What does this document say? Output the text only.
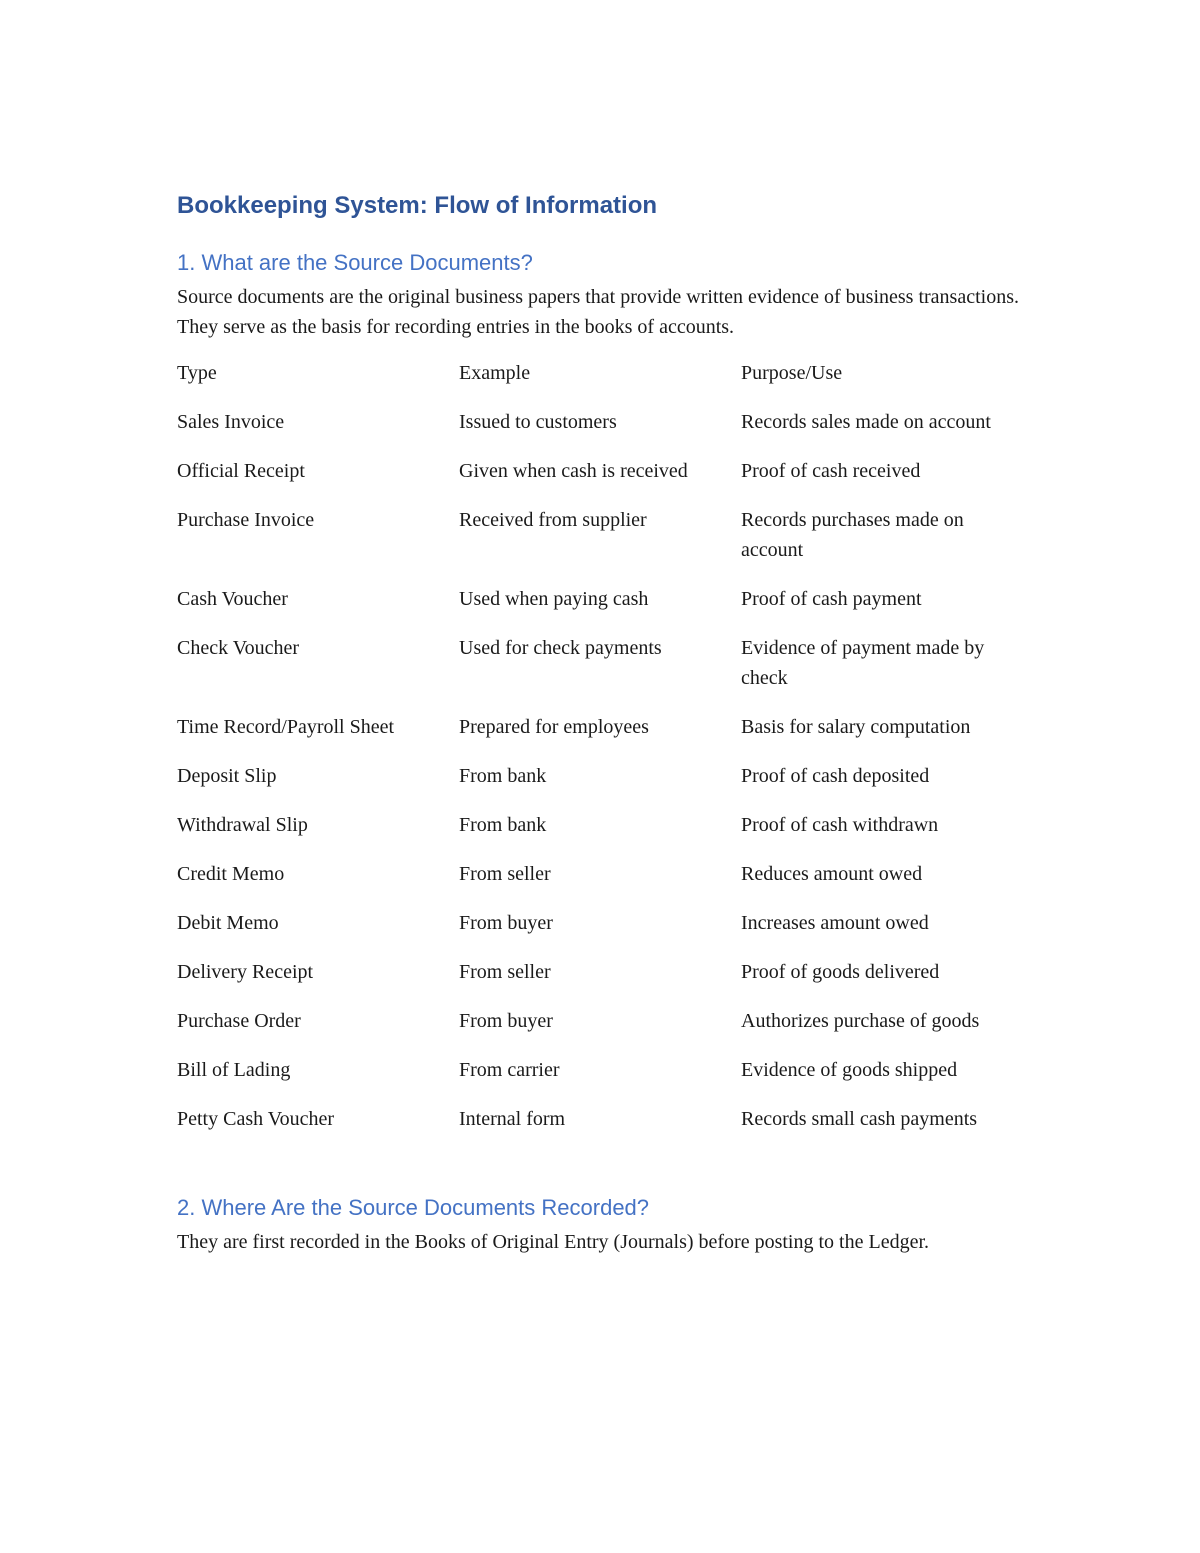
Bookkeeping System: Flow of Information
1. What are the Source Documents?

Source documents are the original business papers that provide written evidence of business transactions. They serve as the basis for recording entries in the books of accounts.

Type	Example	Purpose/Use
Sales Invoice	Issued to customers	Records sales made on account
Official Receipt	Given when cash is received	Proof of cash received
Purchase Invoice	Received from supplier	Records purchases made on account
Cash Voucher	Used when paying cash	Proof of cash payment
Check Voucher	Used for check payments	Evidence of payment made by check
Time Record/Payroll Sheet	Prepared for employees	Basis for salary computation
Deposit Slip	From bank	Proof of cash deposited
Withdrawal Slip	From bank	Proof of cash withdrawn
Credit Memo	From seller	Reduces amount owed
Debit Memo	From buyer	Increases amount owed
Delivery Receipt	From seller	Proof of goods delivered
Purchase Order	From buyer	Authorizes purchase of goods
Bill of Lading	From carrier	Evidence of goods shipped
Petty Cash Voucher	Internal form	Records small cash payments
2. Where Are the Source Documents Recorded?

They are first recorded in the Books of Original Entry (Journals) before posting to the Ledger.
